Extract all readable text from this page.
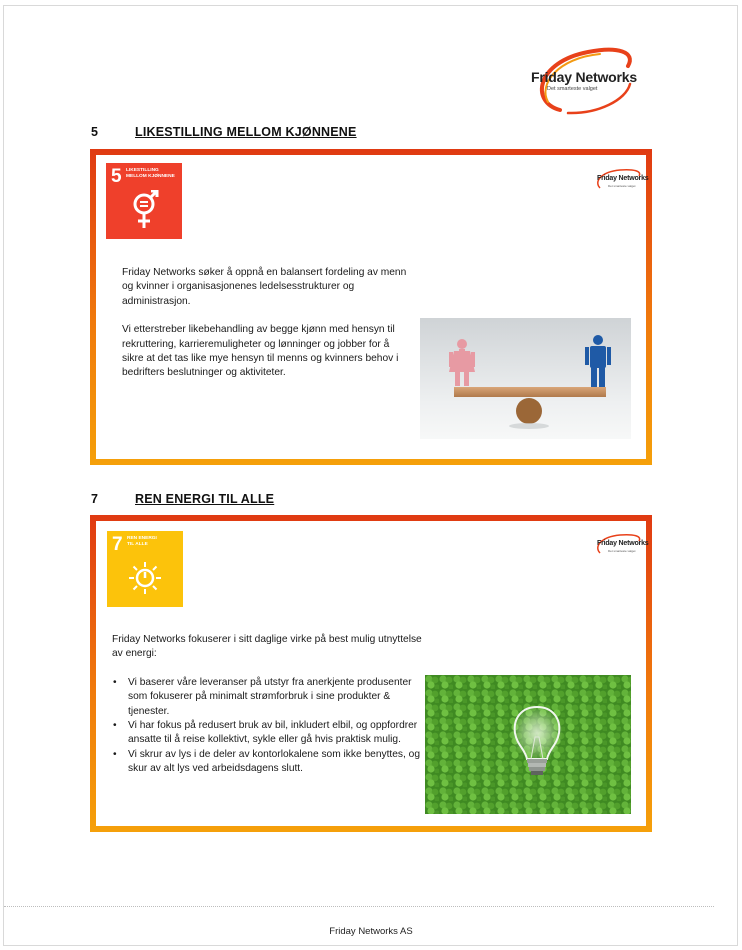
Friday Networks
Det smarteste valget
5	LIKESTILLING MELLOM KJØNNENE
5 LIKESTILLING
MELLOM KJØNNENE	Friday Networks
Det smarteste valget

Friday Networks søker å oppnå en balansert fordeling av menn og kvinner i organisasjonenes ledelsesstrukturer og administrasjon.

Vi etterstreber likebehandling av begge kjønn med hensyn til rekruttering, karrieremuligheter og lønninger og jobber for å sikre at det tas like mye hensyn til menns og kvinners behov i bedrifters beslutninger og aktiviteter.

7	REN ENERGI TIL ALLE
7 REN ENERGI
TIL ALLE	Friday Networks
Det smarteste valget

Friday Networks fokuserer i sitt daglige virke på best mulig utnyttelse av energi:

• Vi baserer våre leveranser på utstyr fra anerkjente produsenter som fokuserer på minimalt strømforbruk i sine produkter & tjenester.
• Vi har fokus på redusert bruk av bil, inkludert elbil, og oppfordrer ansatte til å reise kollektivt, sykle eller gå hvis praktisk mulig.
• Vi skrur av lys i de deler av kontorlokalene som ikke benyttes, og skur av alt lys ved arbeidsdagens slutt.
Friday Networks AS
